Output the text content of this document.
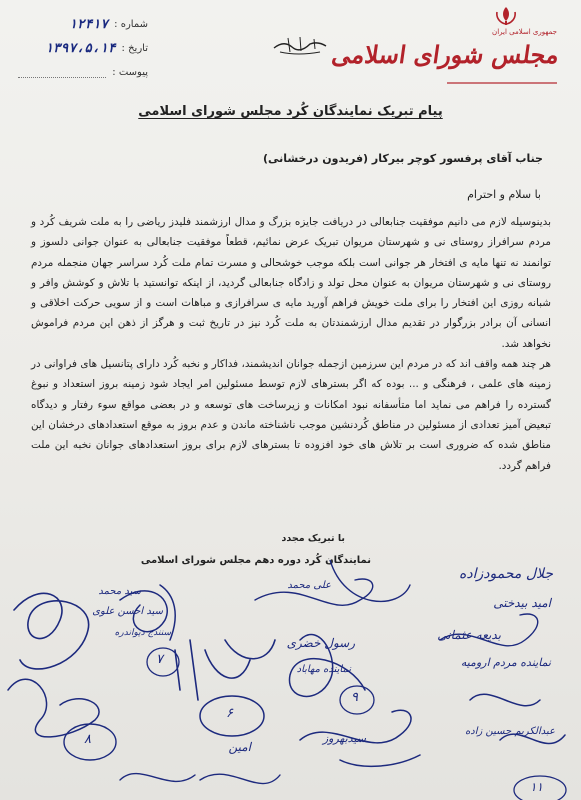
شماره :
۱۲۴۱۷
تاریخ :
۱۳۹۷،۵،۱۴
پیوست :
جمهوری اسلامی ایران
مجلس شورای اسلامی
پیام تبریک نمایندگان کُرد مجلس شورای اسلامی
جناب آقای پرفسور کوچر بیرکار (فریدون درخشانی)
با سلام و احترام

بدینوسیله لازم می دانیم موفقیت جنابعالی در دریافت جایزه بزرگ و مدال ارزشمند فلیدز ریاضی را به ملت شریف کُرد و مردم سرافراز روستای نی و شهرستان مریوان تبریک عرض نمائیم، قطعاً موفقیت جنابعالی به عنوان جوانی دلسوز و توانمند نه تنها مایه ی افتخار هر جوانی است بلکه موجب خوشحالی و مسرت تمام ملت کُرد سراسر جهان منجمله مردم روستای نی و شهرستان مریوان به عنوان محل تولد و زادگاه جنابعالی گردید، از اینکه توانستید با تلاش و کوشش وافر و شبانه روزی این افتخار را برای ملت خویش فراهم آورید مایه ی سرافرازی و مباهات است و از سویی حرکت اخلاقی و انسانی آن برادر بزرگوار در تقدیم مدال ارزشمندتان به ملت کُرد نیز در تاریخ ثبت و هرگز از ذهن این مردم فراموش نخواهد شد.

هر چند همه واقف اند که در مردم این سرزمین ازجمله جوانان اندیشمند، فداکار و نخبه کُرد دارای پتانسیل های فراوانی در زمینه های علمی ، فرهنگی و ... بوده که اگر بسترهای لازم توسط مسئولین امر ایجاد شود زمینه بروز استعداد و نبوغ گسترده را فراهم می نماید اما متأسفانه نبود امکانات و زیرساخت های توسعه و در بعضی مواقع سوء رفتار و دیدگاه تبعیض آمیز تعدادی از مسئولین در مناطق کُردنشین موجب ناشناخته ماندن و عدم بروز به موقع استعدادهای درخشان این مناطق شده که ضروری است بر تلاش های خود افزوده تا بسترهای لازم برای بروز استعدادهای جوانان نخبه این ملت فراهم گردد.

با تبریک مجدد
نمایندگان کُرد دوره دهم مجلس شورای اسلامی
جلال محمودزاده
امید بیدختی
علی محمد
بدیعه عثمانی
نماینده مردم ارومیه
رسول خضری
نماینده مهاباد
سید محمد
سیدبهروز
امین
عبدالکریم حسین زاده
سید احسن علوی
سنندج دیواندره
۷
۸
۹
۶
۱۱
